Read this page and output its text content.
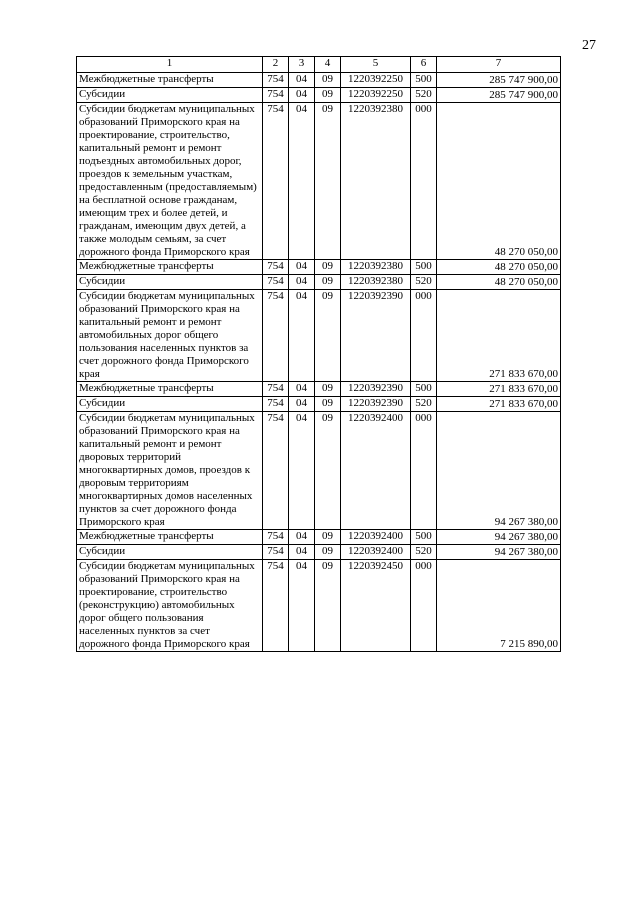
27
1	2	3	4	5	6	7
Межбюджетные трансферты	754	04	09	1220392250	500	285 747 900,00
Субсидии	754	04	09	1220392250	520	285 747 900,00
Субсидии бюджетам муниципальных образований Приморского края на проектирование, строительство, капитальный ремонт и ремонт подъездных автомобильных дорог, проездов к земельным участкам, предоставленным (предоставляемым) на бесплатной основе гражданам, имеющим трех и более детей, и гражданам, имеющим двух детей, а также молодым семьям, за счет дорожного фонда Приморского края	754	04	09	1220392380	000	48 270 050,00
Межбюджетные трансферты	754	04	09	1220392380	500	48 270 050,00
Субсидии	754	04	09	1220392380	520	48 270 050,00
Субсидии бюджетам муниципальных образований Приморского края на капитальный ремонт и ремонт автомобильных дорог общего пользования населенных пунктов за счет дорожного фонда Приморского края	754	04	09	1220392390	000	271 833 670,00
Межбюджетные трансферты	754	04	09	1220392390	500	271 833 670,00
Субсидии	754	04	09	1220392390	520	271 833 670,00
Субсидии бюджетам муниципальных образований Приморского края на капитальный ремонт и ремонт дворовых территорий многоквартирных домов, проездов к дворовым территориям многоквартирных домов населенных пунктов за счет дорожного фонда Приморского края	754	04	09	1220392400	000	94 267 380,00
Межбюджетные трансферты	754	04	09	1220392400	500	94 267 380,00
Субсидии	754	04	09	1220392400	520	94 267 380,00
Субсидии бюджетам муниципальных образований Приморского края на проектирование, строительство (реконструкцию) автомобильных дорог общего пользования населенных пунктов за счет дорожного фонда Приморского края	754	04	09	1220392450	000	7 215 890,00
